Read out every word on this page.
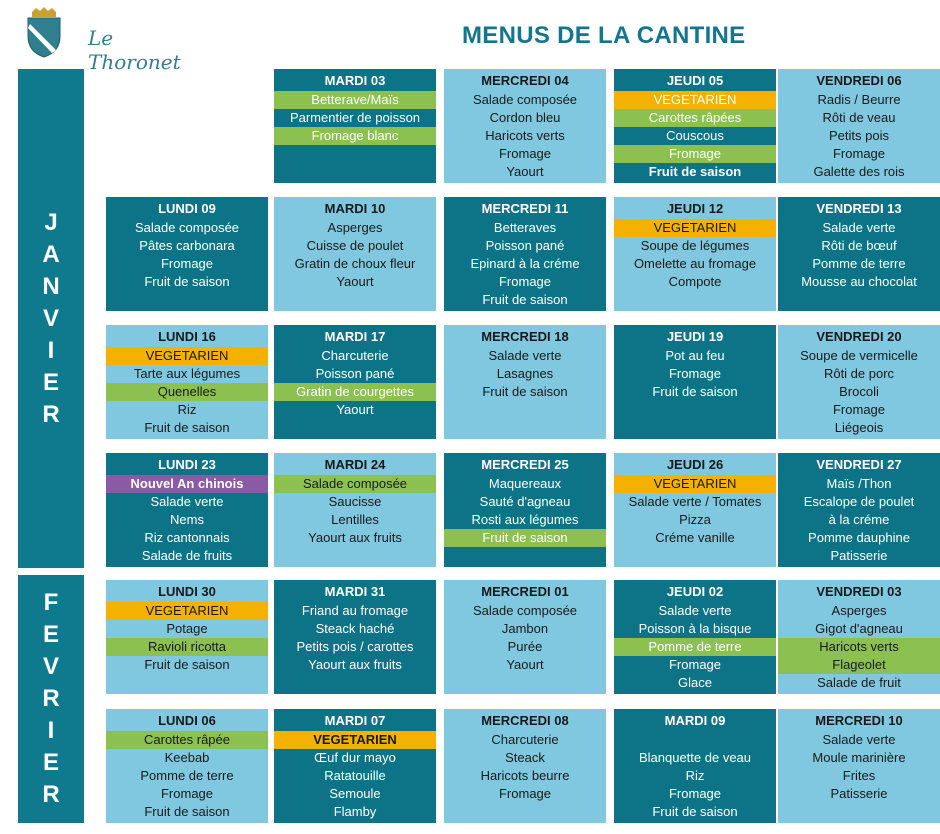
Le Thoronet
MENUS DE LA CANTINE
J
A
N
V
I
E
R
F
E
V
R
I
E
R
MARDI 03
Betterave/Maïs
Parmentier de poisson
Fromage blanc
MERCREDI 04
Salade composée
Cordon bleu
Haricots verts
Fromage
Yaourt
JEUDI 05
VEGETARIEN
Carottes râpées
Couscous
Fromage
Fruit de saison
VENDREDI 06
Radis / Beurre
Rôti de veau
Petits pois
Fromage
Galette des rois
LUNDI 09
Salade composée
Pâtes carbonara
Fromage
Fruit de saison
MARDI 10
Asperges
Cuisse de poulet
Gratin de choux fleur
Yaourt
MERCREDI 11
Betteraves
Poisson pané
Epinard à la créme
Fromage
Fruit de saison
JEUDI 12
VEGETARIEN
Soupe de légumes
Omelette au fromage
Compote
VENDREDI 13
Salade verte
Rôti de bœuf
Pomme de terre
Mousse au chocolat
LUNDI 16
VEGETARIEN
Tarte aux légumes
Quenelles
Riz
Fruit de saison
MARDI 17
Charcuterie
Poisson pané
Gratin de courgettes
Yaourt
MERCREDI 18
Salade verte
Lasagnes
Fruit de saison
JEUDI 19
Pot au feu
Fromage
Fruit de saison
VENDREDI 20
Soupe de vermicelle
Rôti de porc
Brocoli
Fromage
Liégeois
LUNDI 23
Nouvel An chinois
Salade verte
Nems
Riz cantonnais
Salade de fruits
MARDI 24
Salade composée
Saucisse
Lentilles
Yaourt aux fruits
MERCREDI 25
Maquereaux
Sauté d'agneau
Rosti aux légumes
Fruit de saison
JEUDI 26
VEGETARIEN
Salade verte / Tomates
Pizza
Créme vanille
VENDREDI 27
Maïs /Thon
Escalope de poulet
à la créme
Pomme dauphine
Patisserie
LUNDI 30
VEGETARIEN
Potage
Ravioli ricotta
Fruit de saison
MARDI 31
Friand au fromage
Steack haché
Petits pois / carottes
Yaourt aux fruits
MERCREDI 01
Salade composée
Jambon
Purée
Yaourt
JEUDI 02
Salade verte
Poisson à la bisque
Pomme de terre
Fromage
Glace
VENDREDI 03
Asperges
Gigot d'agneau
Haricots verts
Flageolet
Salade de fruit
LUNDI 06
Carottes râpée
Keebab
Pomme de terre
Fromage
Fruit de saison
MARDI 07
VEGETARIEN
Œuf dur mayo
Ratatouille
Semoule
Flamby
MERCREDI 08
Charcuterie
Steack
Haricots beurre
Fromage
MARDI 09
Blanquette de veau
Riz
Fromage
Fruit de saison
MERCREDI 10
Salade verte
Moule marinière
Frites
Patisserie
